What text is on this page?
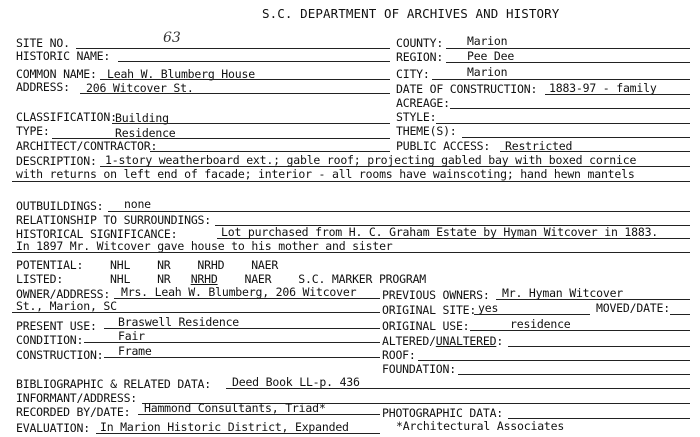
S.C. DEPARTMENT OF ARCHIVES AND HISTORY
SITE NO.	63
HISTORIC NAME:
COMMON NAME: Leah W. Blumberg House
ADDRESS: 206 Witcover St.
COUNTY: Marion
REGION: Pee Dee
CITY:	Marion
DATE OF CONSTRUCTION: 1883-97 - family
ACREAGE:
CLASSIFICATION:
Building
TYPE:	Residence
ARCHITECT/CONTRACTOR:
STYLE:
THEME(S):
PUBLIC ACCESS: Restricted
DESCRIPTION: 1-story weatherboard ext.; gable roof; projecting gabled bay with boxed cornice
with returns on left end of facade; interior - all rooms have wainscoting; hand hewn mantels
OUTBUILDINGS: none
RELATIONSHIP TO SURROUNDINGS:
HISTORICAL SIGNIFICANCE:	Lot purchased from H. C. Graham Estate by Hyman Witcover in 1883.
In 1897 Mr. Witcover gave house to his mother and sister
POTENTIAL: NHL    NR    NRHD    NAER
LISTED:	NHL    NR   NRHD    NAER    S.C. MARKER PROGRAM
OWNER/ADDRESS: Mrs. Leah W. Blumberg, 206 Witcover
St., Marion, SC
PREVIOUS OWNERS: Mr. Hyman Witcover
ORIGINAL SITE: yes	MOVED/DATE:
PRESENT USE: Braswell Residence	ORIGINAL USE:	residence
CONDITION:	Fair	ALTERED/UNALTERED:
CONSTRUCTION: Frame	ROOF:
FOUNDATION:
BIBLIOGRAPHIC & RELATED DATA: Deed Book LL-p. 436
INFORMANT/ADDRESS:
RECORDED BY/DATE: Hammond Consultants, Triad*	PHOTOGRAPHIC DATA:
EVALUATION: In Marion Historic District, Expanded	*Architectural Associates
